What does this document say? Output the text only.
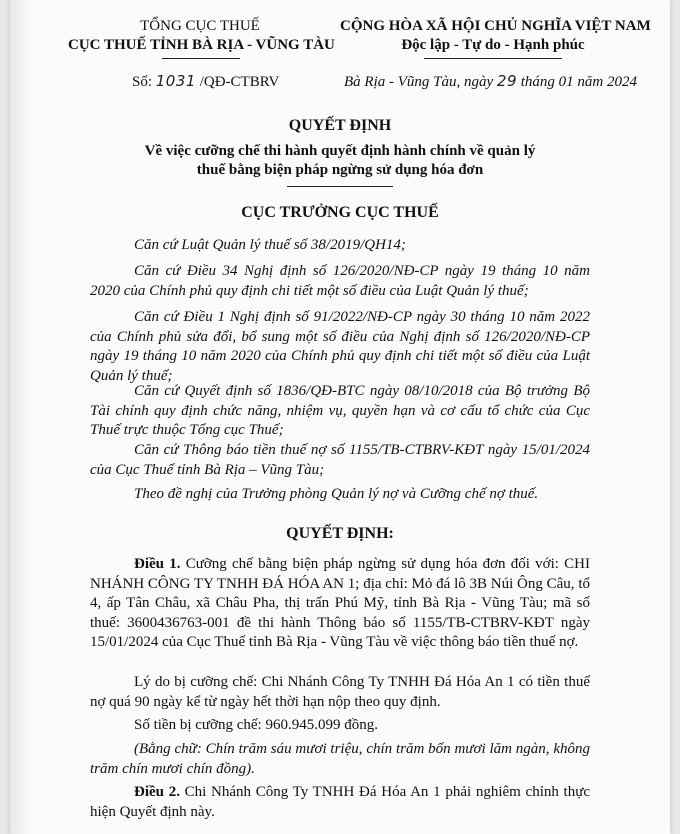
TỔNG CỤC THUẾ

CỤC THUẾ TỈNH BÀ RỊA - VŨNG TÀU

Số: 1031 /QĐ-CTBRV

CỘNG HÒA XÃ HỘI CHỦ NGHĨA VIỆT NAM

Độc lập - Tự do - Hạnh phúc

Bà Rịa - Vũng Tàu, ngày 29 tháng 01 năm 2024

QUYẾT ĐỊNH

Về việc cưỡng chế thi hành quyết định hành chính về quản lý

thuế bằng biện pháp ngừng sử dụng hóa đơn

CỤC TRƯỞNG CỤC THUẾ

Căn cứ Luật Quản lý thuế số 38/2019/QH14;

Căn cứ Điều 34 Nghị định số 126/2020/NĐ-CP ngày 19 tháng 10 năm 2020 của Chính phủ quy định chi tiết một số điều của Luật Quản lý thuế;

Căn cứ Điều 1 Nghị định số 91/2022/NĐ-CP ngày 30 tháng 10 năm 2022 của Chính phủ sửa đổi, bổ sung một số điều của Nghị định số 126/2020/NĐ-CP ngày 19 tháng 10 năm 2020 của Chính phủ quy định chi tiết một số điều của Luật Quản lý thuế;

Căn cứ Quyết định số 1836/QĐ-BTC ngày 08/10/2018 của Bộ trưởng Bộ Tài chính quy định chức năng, nhiệm vụ, quyền hạn và cơ cấu tổ chức của Cục Thuế trực thuộc Tổng cục Thuế;

Căn cứ Thông báo tiền thuế nợ số 1155/TB-CTBRV-KĐT ngày 15/01/2024 của Cục Thuế tỉnh Bà Rịa – Vũng Tàu;

Theo đề nghị của Trưởng phòng Quản lý nợ và Cưỡng chế nợ thuế.

QUYẾT ĐỊNH:

Điều 1. Cưỡng chế bằng biện pháp ngừng sử dụng hóa đơn đối với: CHI NHÁNH CÔNG TY TNHH ĐÁ HÓA AN 1; địa chỉ: Mỏ đá lô 3B Núi Ông Câu, tổ 4, ấp Tân Châu, xã Châu Pha, thị trấn Phú Mỹ, tỉnh Bà Rịa - Vũng Tàu; mã số thuế: 3600436763-001 đề thi hành Thông báo số 1155/TB-CTBRV-KĐT ngày 15/01/2024 của Cục Thuế tỉnh Bà Rịa - Vũng Tàu về việc thông báo tiền thuế nợ.

Lý do bị cưỡng chế: Chi Nhánh Công Ty TNHH Đá Hóa An 1 có tiền thuế nợ quá 90 ngày kể từ ngày hết thời hạn nộp theo quy định.

Số tiền bị cưỡng chế: 960.945.099 đồng.

(Bằng chữ: Chín trăm sáu mươi triệu, chín trăm bốn mươi lăm ngàn, không trăm chín mươi chín đồng).

Điều 2. Chi Nhánh Công Ty TNHH Đá Hóa An 1 phải nghiêm chỉnh thực hiện Quyết định này.
